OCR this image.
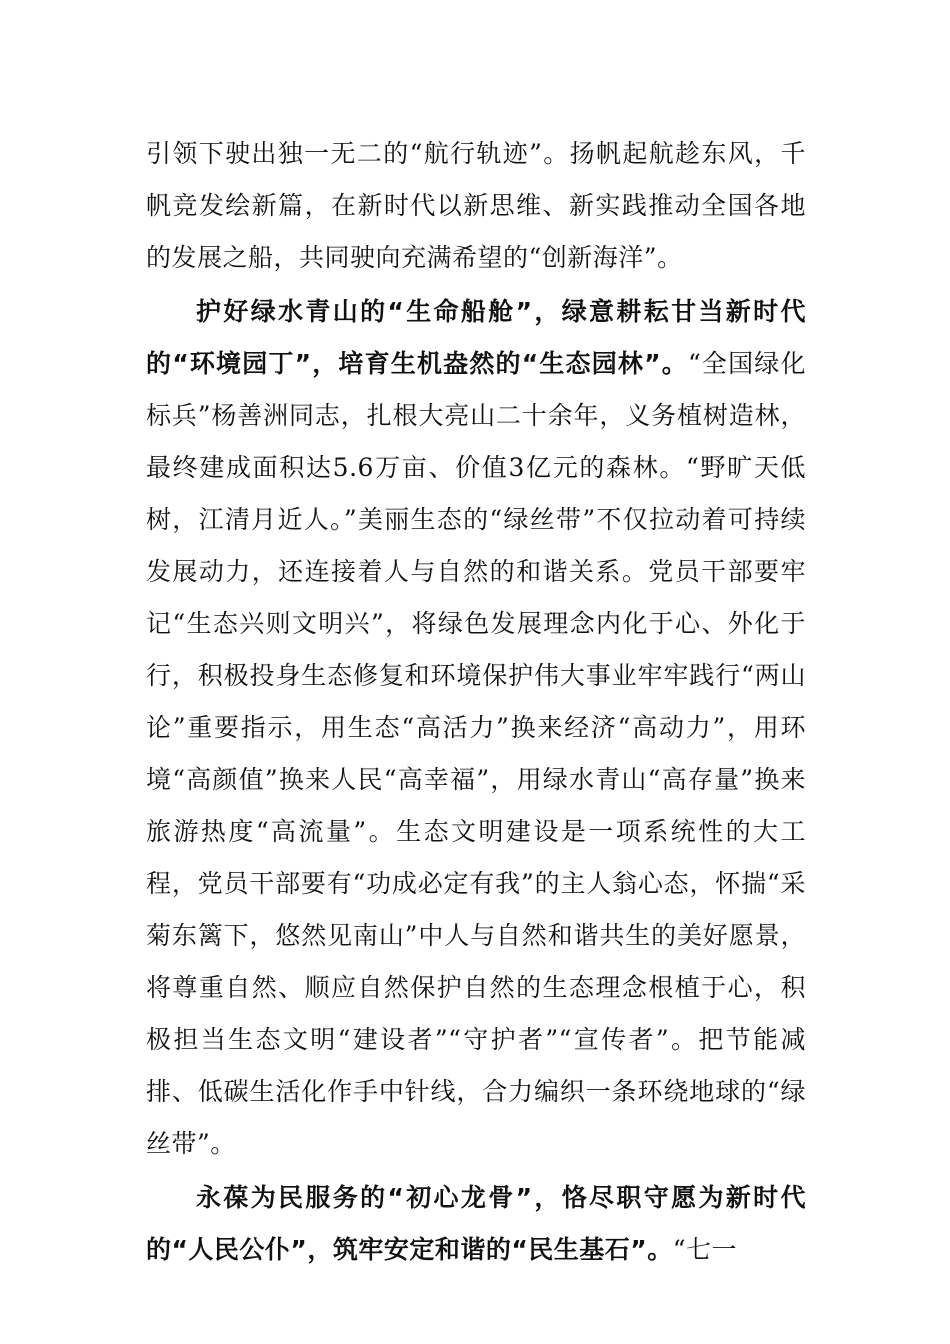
引领下驶出独一无二的“航行轨迹”。扬帆起航趁东风，千帆竞发绘新篇，在新时代以新思维、新实践推动全国各地的发展之船，共同驶向充满希望的“创新海洋”。

护好绿水青山的“生命船舱”，绿意耕耘甘当新时代的“环境园丁”，培育生机盎然的“生态园林”。“全国绿化标兵”杨善洲同志，扎根大亮山二十余年，义务植树造林，最终建成面积达5.6万亩、价值3亿元的森林。“野旷天低树，江清月近人。”美丽生态的“绿丝带”不仅拉动着可持续发展动力，还连接着人与自然的和谐关系。党员干部要牢记“生态兴则文明兴”，将绿色发展理念内化于心、外化于行，积极投身生态修复和环境保护伟大事业牢牢践行“两山论”重要指示，用生态“高活力”换来经济“高动力”，用环境“高颜值”换来人民“高幸福”，用绿水青山“高存量”换来旅游热度“高流量”。生态文明建设是一项系统性的大工程，党员干部要有“功成必定有我”的主人翁心态，怀揣“采菊东篱下，悠然见南山”中人与自然和谐共生的美好愿景，将尊重自然、顺应自然保护自然的生态理念根植于心，积极担当生态文明“建设者”“守护者”“宣传者”。把节能减排、低碳生活化作手中针线，合力编织一条环绕地球的“绿丝带”。

永葆为民服务的“初心龙骨”，恪尽职守愿为新时代的“人民公仆”，筑牢安定和谐的“民生基石”。“七一
